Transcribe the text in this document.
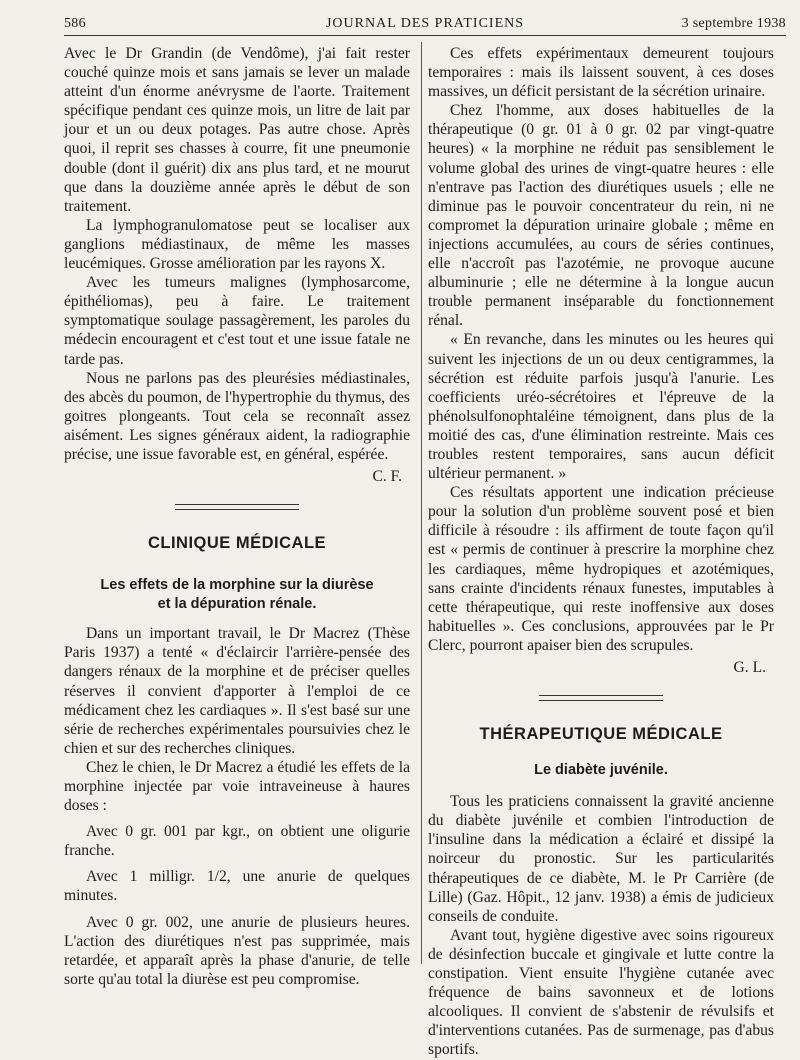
586	JOURNAL DES PRATICIENS	3 septembre 1938

Avec le Dr Grandin (de Vendôme), j'ai fait rester couché quinze mois et sans jamais se lever un malade atteint d'un énorme anévrysme de l'aorte. Traitement spécifique pendant ces quinze mois, un litre de lait par jour et un ou deux potages. Pas autre chose. Après quoi, il reprit ses chasses à courre, fit une pneumonie double (dont il guérit) dix ans plus tard, et ne mourut que dans la douzième année après le début de son traitement.

La lymphogranulomatose peut se localiser aux ganglions médiastinaux, de même les masses leucémiques. Grosse amélioration par les rayons X.

Avec les tumeurs malignes (lymphosarcome, épithéliomas), peu à faire. Le traitement symptomatique soulage passagèrement, les paroles du médecin encouragent et c'est tout et une issue fatale ne tarde pas.

Nous ne parlons pas des pleurésies médiastinales, des abcès du poumon, de l'hypertrophie du thymus, des goitres plongeants. Tout cela se reconnaît assez aisément. Les signes généraux aident, la radiographie précise, une issue favorable est, en général, espérée.

C. F.
CLINIQUE MÉDICALE
Les effets de la morphine sur la diurèse
et la dépuration rénale.

Dans un important travail, le Dr Macrez (Thèse Paris 1937) a tenté « d'éclaircir l'arrière-pensée des dangers rénaux de la morphine et de préciser quelles réserves il convient d'apporter à l'emploi de ce médicament chez les cardiaques ». Il s'est basé sur une série de recherches expérimentales poursuivies chez le chien et sur des recherches cliniques.

Chez le chien, le Dr Macrez a étudié les effets de la morphine injectée par voie intraveineuse à haures doses :

Avec 0 gr. 001 par kgr., on obtient une oligurie franche.

Avec 1 milligr. 1/2, une anurie de quelques minutes.

Avec 0 gr. 002, une anurie de plusieurs heures. L'action des diurétiques n'est pas supprimée, mais retardée, et apparaît après la phase d'anurie, de telle sorte qu'au total la diurèse est peu compromise.

Ces effets expérimentaux demeurent toujours temporaires : mais ils laissent souvent, à ces doses massives, un déficit persistant de la sécrétion urinaire.

Chez l'homme, aux doses habituelles de la thérapeutique (0 gr. 01 à 0 gr. 02 par vingt-quatre heures) « la morphine ne réduit pas sensiblement le volume global des urines de vingt-quatre heures : elle n'entrave pas l'action des diurétiques usuels ; elle ne diminue pas le pouvoir concentrateur du rein, ni ne compromet la dépuration urinaire globale ; même en injections accumulées, au cours de séries continues, elle n'accroît pas l'azotémie, ne provoque aucune albuminurie ; elle ne détermine à la longue aucun trouble permanent inséparable du fonctionnement rénal.

« En revanche, dans les minutes ou les heures qui suivent les injections de un ou deux centigrammes, la sécrétion est réduite parfois jusqu'à l'anurie. Les coefficients uréo-sécrétoires et l'épreuve de la phénolsulfonophtaléine témoignent, dans plus de la moitié des cas, d'une élimination restreinte. Mais ces troubles restent temporaires, sans aucun déficit ultérieur permanent. »

Ces résultats apportent une indication précieuse pour la solution d'un problème souvent posé et bien difficile à résoudre : ils affirment de toute façon qu'il est « permis de continuer à prescrire la morphine chez les cardiaques, même hydropiques et azotémiques, sans crainte d'incidents rénaux funestes, imputables à cette thérapeutique, qui reste inoffensive aux doses habituelles ». Ces conclusions, approuvées par le Pr Clerc, pourront apaiser bien des scrupules.

G. L.
THÉRAPEUTIQUE MÉDICALE
Le diabète juvénile.

Tous les praticiens connaissent la gravité ancienne du diabète juvénile et combien l'introduction de l'insuline dans la médication a éclairé et dissipé la noirceur du pronostic. Sur les particularités thérapeutiques de ce diabète, M. le Pr Carrière (de Lille) (Gaz. Hôpit., 12 janv. 1938) a émis de judicieux conseils de conduite.

Avant tout, hygiène digestive avec soins rigoureux de désinfection buccale et gingivale et lutte contre la constipation. Vient ensuite l'hygiène cutanée avec fréquence de bains savonneux et de lotions alcooliques. Il convient de s'abstenir de révulsifs et d'interventions cutanées. Pas de surmenage, pas d'abus sportifs.
